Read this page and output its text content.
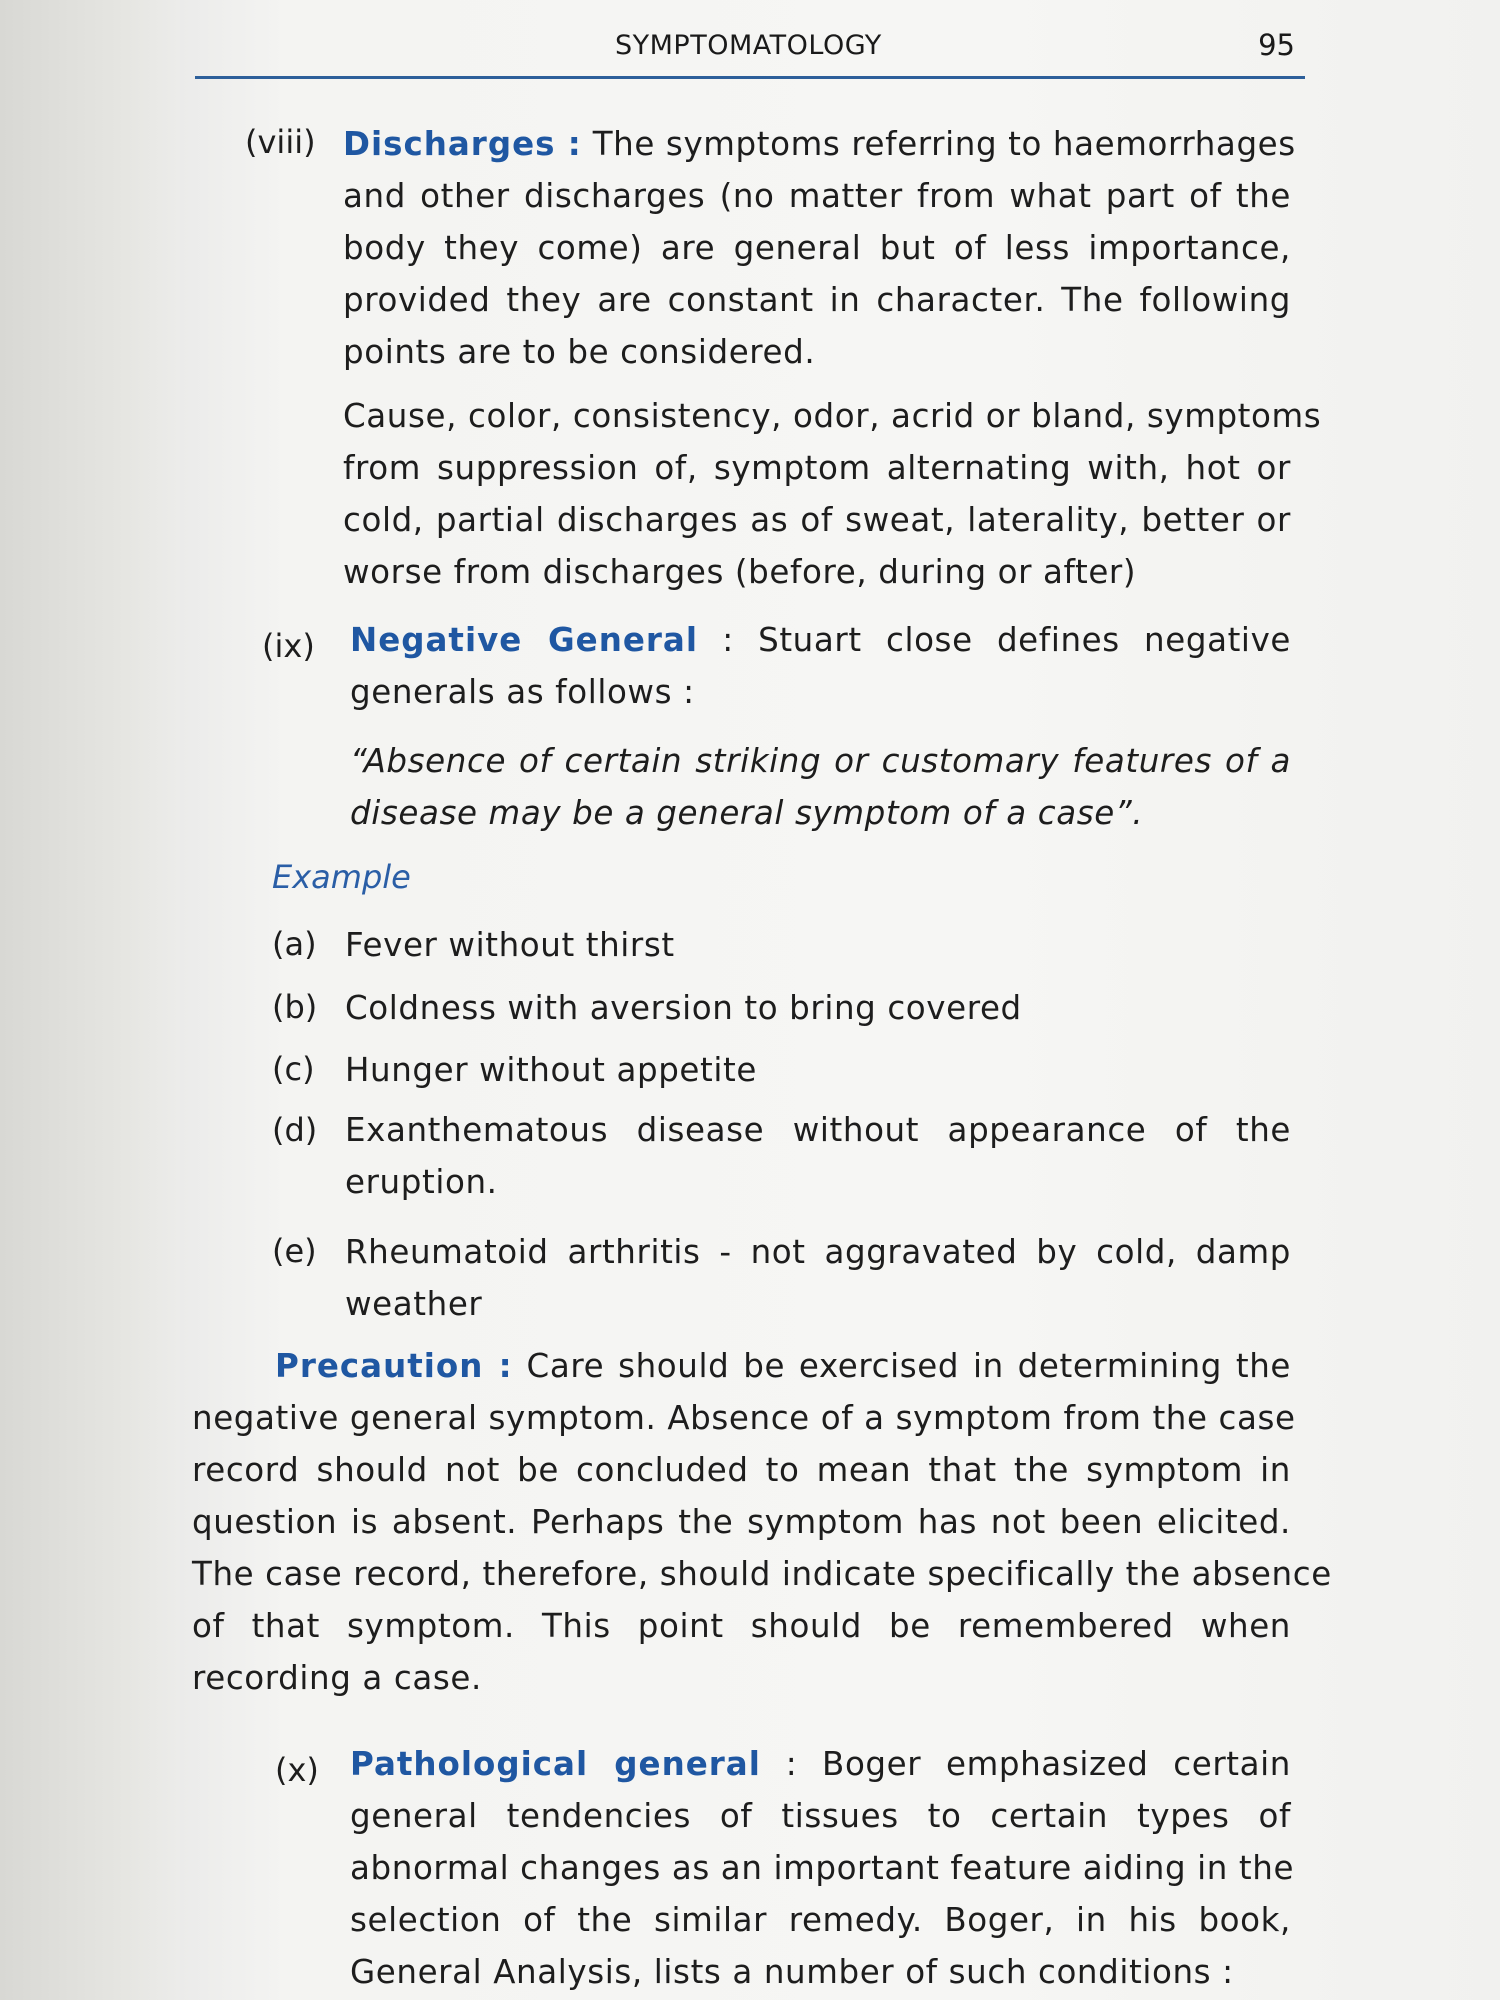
SYMPTOMATOLOGY	95
(viii) Discharges : The symptoms referring to haemorrhages
and other discharges (no matter from what part of the
body they come) are general but of less importance,
provided they are constant in character. The following
points are to be considered.
Cause, color, consistency, odor, acrid or bland, symptoms
from suppression of, symptom alternating with, hot or
cold, partial discharges as of sweat, laterality, better or
worse from discharges (before, during or after)
(ix) Negative General : Stuart close defines negative
generals as follows :
“Absence of certain striking or customary features of a
disease may be a general symptom of a case”.
Example
(a) Fever without thirst
(b) Coldness with aversion to bring covered
(c) Hunger without appetite
(d) Exanthematous disease without appearance of the
eruption.
(e) Rheumatoid arthritis - not aggravated by cold, damp
weather
Precaution : Care should be exercised in determining the
negative general symptom. Absence of a symptom from the case
record should not be concluded to mean that the symptom in
question is absent. Perhaps the symptom has not been elicited.
The case record, therefore, should indicate specifically the absence
of that symptom. This point should be remembered when
recording a case.
(x) Pathological general : Boger emphasized certain
general tendencies of tissues to certain types of
abnormal changes as an important feature aiding in the
selection of the similar remedy. Boger, in his book,
General Analysis, lists a number of such conditions :
